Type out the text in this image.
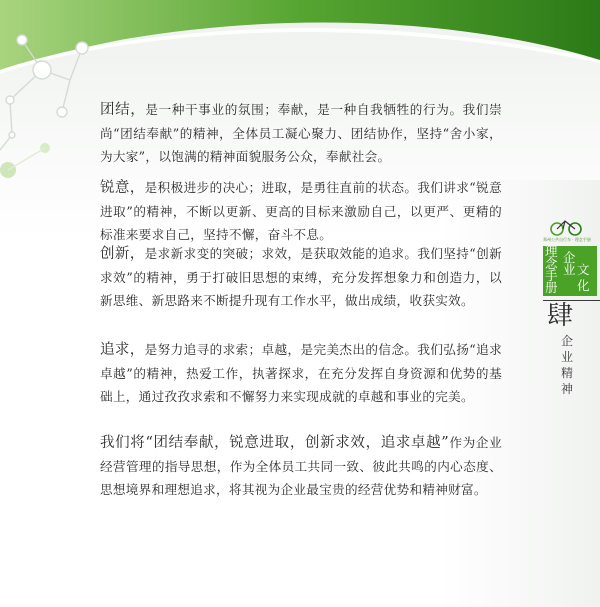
团结，是一种干事业的氛围；奉献，是一种自我牺牲的行为。我们崇尚“团结奉献”的精神，全体员工凝心聚力、团结协作，坚持“舍小家，为大家”，以饱满的精神面貌服务公众，奉献社会。

锐意，是积极进步的决心；进取，是勇往直前的状态。我们讲求“锐意进取”的精神，不断以更新、更高的目标来激励自己，以更严、更精的标准来要求自己，坚持不懈，奋斗不息。

创新，是求新求变的突破；求效，是获取效能的追求。我们坚持“创新求效”的精神，勇于打破旧思想的束缚，充分发挥想象力和创造力，以新思维、新思路来不断提升现有工作水平，做出成绩，收获实效。

追求，是努力追寻的求索；卓越，是完美杰出的信念。我们弘扬“追求卓越”的精神，热爱工作，执著探求，在充分发挥自身资源和优势的基础上，通过孜孜求索和不懈努力来实现成就的卓越和事业的完美。

我们将“团结奉献，锐意进取，创新求效，追求卓越”作为企业经营管理的指导思想，作为全体员工共同一致、彼此共鸣的内心态度、思想境界和理想追求，将其视为企业最宝贵的经营优势和精神财富。

郑州公共自行车 · 理念手册
理 企
念 业
手 文
册 化
肆
企
业
精
神
